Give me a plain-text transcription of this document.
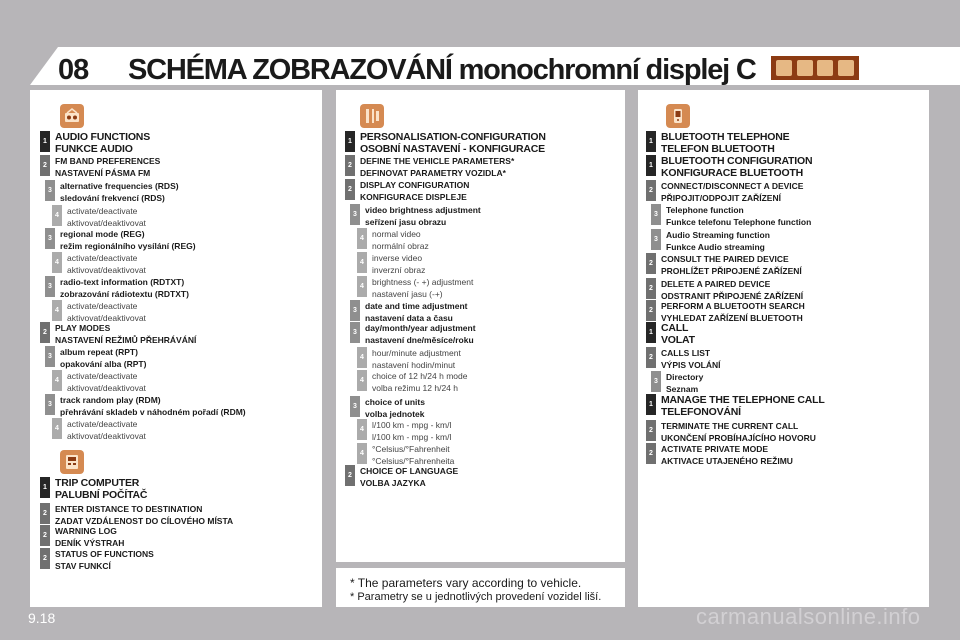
08 SCHÉMA ZOBRAZOVÁNÍ monochromní displej C
1 AUDIO FUNCTIONS
FUNKCE AUDIO
2 FM BAND PREFERENCES
NASTAVENÍ PÁSMA FM
3 alternative frequencies (RDS)
sledování frekvencí (RDS)
4 activate/deactivate
aktivovat/deaktivovat
3 regional mode (REG)
režim regionálního vysílání (REG)
4 activate/deactivate
aktivovat/deaktivovat
3 radio-text information (RDTXT)
zobrazování rádiotextu (RDTXT)
4 activate/deactivate
aktivovat/deaktivovat
2 PLAY MODES
NASTAVENÍ REŽIMŮ PŘEHRÁVÁNÍ
3 album repeat (RPT)
opakování alba (RPT)
4 activate/deactivate
aktivovat/deaktivovat
3 track random play (RDM)
přehrávání skladeb v náhodném pořadí (RDM)
4 activate/deactivate
aktivovat/deaktivovat
1 TRIP COMPUTER
PALUBNÍ POČÍTAČ
2 ENTER DISTANCE TO DESTINATION
ZADAT VZDÁLENOST DO CÍLOVÉHO MÍSTA
2 WARNING LOG
DENÍK VÝSTRAH
2 STATUS OF FUNCTIONS
STAV FUNKCÍ
1 PERSONALISATION-CONFIGURATION
OSOBNÍ NASTAVENÍ - KONFIGURACE
2 DEFINE THE VEHICLE PARAMETERS*
DEFINOVAT PARAMETRY VOZIDLA*
2 DISPLAY CONFIGURATION
KONFIGURACE DISPLEJE
3 video brightness adjustment
seřízení jasu obrazu
4 normal video
normální obraz
4 inverse video
inverzní obraz
4 brightness (- +) adjustment
nastavení jasu (-+)
3 date and time adjustment
nastavení data a času
3 day/month/year adjustment
nastavení dne/měsíce/roku
4 hour/minute adjustment
nastavení hodin/minut
4 choice of 12 h/24 h mode
volba režimu 12 h/24 h
3 choice of units
volba jednotek
4 l/100 km - mpg - km/l
l/100 km - mpg - km/l
4 °Celsius/°Fahrenheit
°Celsius/°Fahrenheita
2 CHOICE OF LANGUAGE
VOLBA JAZYKA
1 BLUETOOTH TELEPHONE
TELEFON BLUETOOTH
1 BLUETOOTH CONFIGURATION
KONFIGURACE BLUETOOTH
2 CONNECT/DISCONNECT A DEVICE
PŘIPOJIT/ODPOJIT ZAŘÍZENÍ
3 Telephone function
Funkce telefonu Telephone function
3 Audio Streaming function
Funkce Audio streaming
2 CONSULT THE PAIRED DEVICE
PROHLÍŽET PŘIPOJENÉ ZAŘÍZENÍ
2 DELETE A PAIRED DEVICE
ODSTRANIT PŘIPOJENÉ ZAŘÍZENÍ
2 PERFORM A BLUETOOTH SEARCH
VYHLEDAT ZAŘÍZENÍ BLUETOOTH
1 CALL
VOLAT
2 CALLS LIST
VÝPIS VOLÁNÍ
3 Directory
Seznam
1 MANAGE THE TELEPHONE CALL
TELEFONOVÁNÍ
2 TERMINATE THE CURRENT CALL
UKONČENÍ PROBÍHAJÍCÍHO HOVORU
2 ACTIVATE PRIVATE MODE
AKTIVACE UTAJENÉHO REŽIMU
* The parameters vary according to vehicle.
* Parametry se u jednotlivých provedení vozidel liší.
9.18	carmanualsonline.info
